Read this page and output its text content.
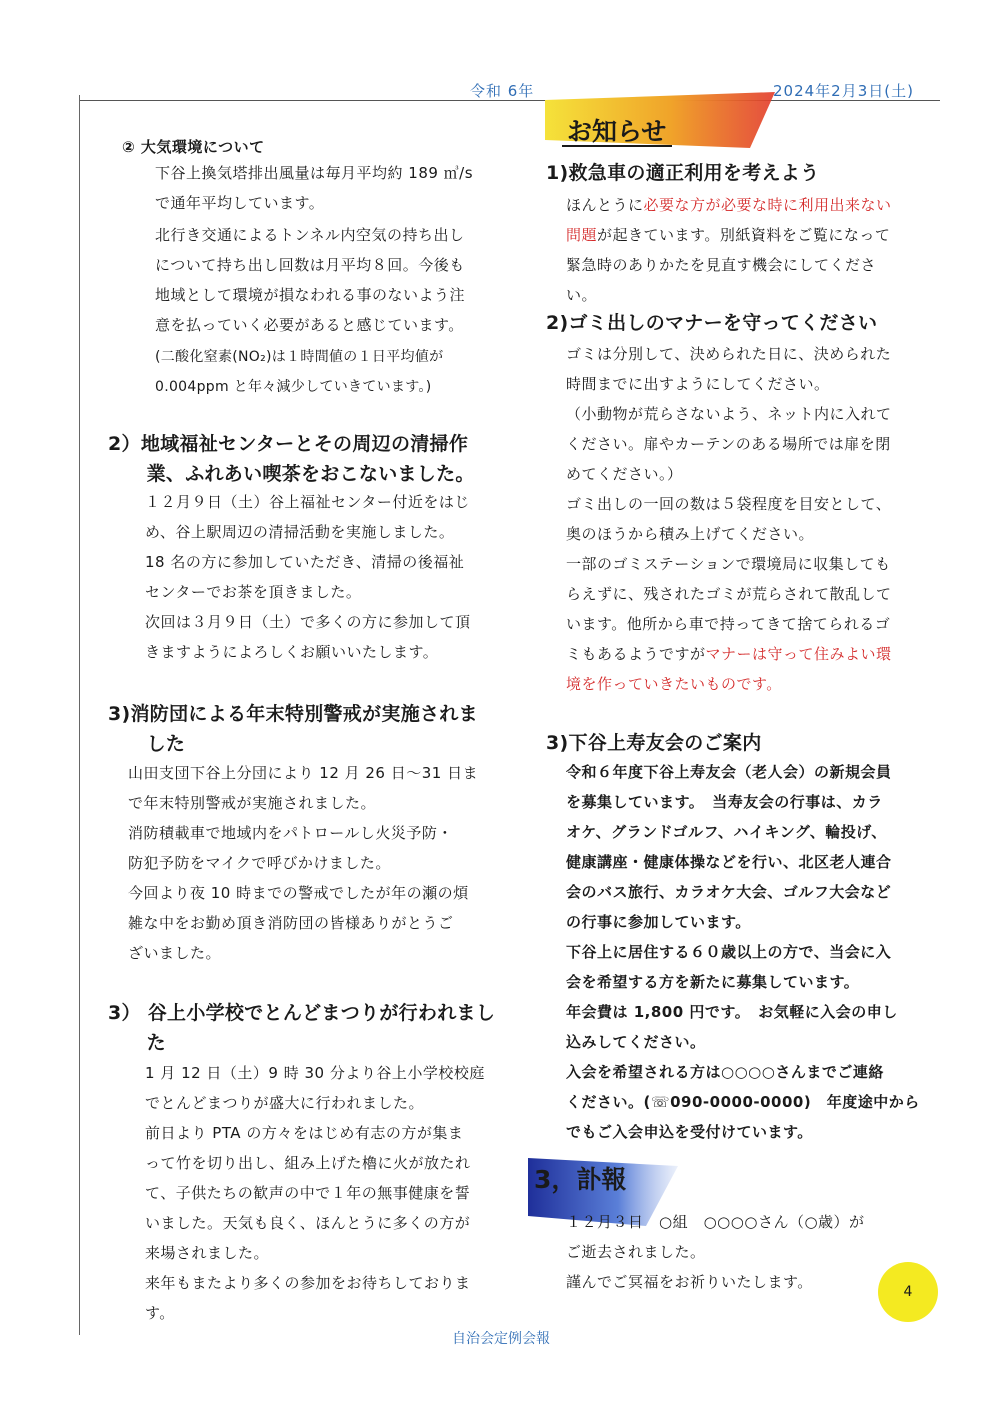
令和 6年	2024年2月3日(土)
② 大気環境について
下谷上換気塔排出風量は毎月平均約 189 ㎥/s
で通年平均しています。
北行き交通によるトンネル内空気の持ち出し
について持ち出し回数は月平均８回。今後も
地域として環境が損なわれる事のないよう注
意を払っていく必要があると感じています。
(二酸化窒素(NO₂)は１時間値の１日平均値が
0.004ppm と年々減少していきています。)
2）地域福祉センターとその周辺の清掃作
　　業、ふれあい喫茶をおこないました。
１２月９日（土）谷上福祉センター付近をはじ
め、谷上駅周辺の清掃活動を実施しました。
18 名の方に参加していただき、清掃の後福祉
センターでお茶を頂きました。
次回は３月９日（土）で多くの方に参加して頂
きますようによろしくお願いいたします。
3)消防団による年末特別警戒が実施されま
　　した
山田支団下谷上分団により 12 月 26 日～31 日ま
で年末特別警戒が実施されました。
消防積載車で地域内をパトロールし火災予防・
防犯予防をマイクで呼びかけました。
今回より夜 10 時までの警戒でしたが年の瀬の煩
雑な中をお勤め頂き消防団の皆様ありがとうご
ざいました。
3） 谷上小学校でとんどまつりが行われまし
　　た
1 月 12 日（土）9 時 30 分より谷上小学校校庭
でとんどまつりが盛大に行われました。
前日より PTA の方々をはじめ有志の方が集ま
って竹を切り出し、組み上げた櫓に火が放たれ
て、子供たちの歓声の中で１年の無事健康を誓
いました。天気も良く、ほんとうに多くの方が
来場されました。
来年もまたより多くの参加をお待ちしておりま
す。
お知らせ
1)救急車の適正利用を考えよう
ほんとうに必要な方が必要な時に利用出来ない
問題が起きています。別紙資料をご覧になって
緊急時のありかたを見直す機会にしてくださ
い。
2)ゴミ出しのマナーを守ってください
ゴミは分別して、決められた日に、決められた
時間までに出すようにしてください。
（小動物が荒らさないよう、ネット内に入れて
ください。扉やカーテンのある場所では扉を閉
めてください。）
ゴミ出しの一回の数は５袋程度を目安として、
奥のほうから積み上げてください。
一部のゴミステーションで環境局に収集しても
らえずに、残されたゴミが荒らされて散乱して
います。他所から車で持ってきて捨てられるゴ
ミもあるようですがマナーは守って住みよい環
境を作っていきたいものです。
3)下谷上寿友会のご案内
令和６年度下谷上寿友会（老人会）の新規会員
を募集しています。　当寿友会の行事は、カラ
オケ、グランドゴルフ、ハイキング、輪投げ、
健康講座・健康体操などを行い、北区老人連合
会のバス旅行、カラオケ大会、ゴルフ大会など
の行事に参加しています。
下谷上に居住する６０歳以上の方で、当会に入
会を希望する方を新たに募集しています。
年会費は 1,800 円です。　お気軽に入会の申し
込みしてください。
入会を希望される方は○○○○さんまでご連絡
ください。(☏090-0000-0000)　年度途中から
でもご入会申込を受付けています。
3，訃報
１２月３日　○組　○○○○さん（○歳）が
ご逝去されました。
謹んでご冥福をお祈りいたします。
4
自治会定例会報
